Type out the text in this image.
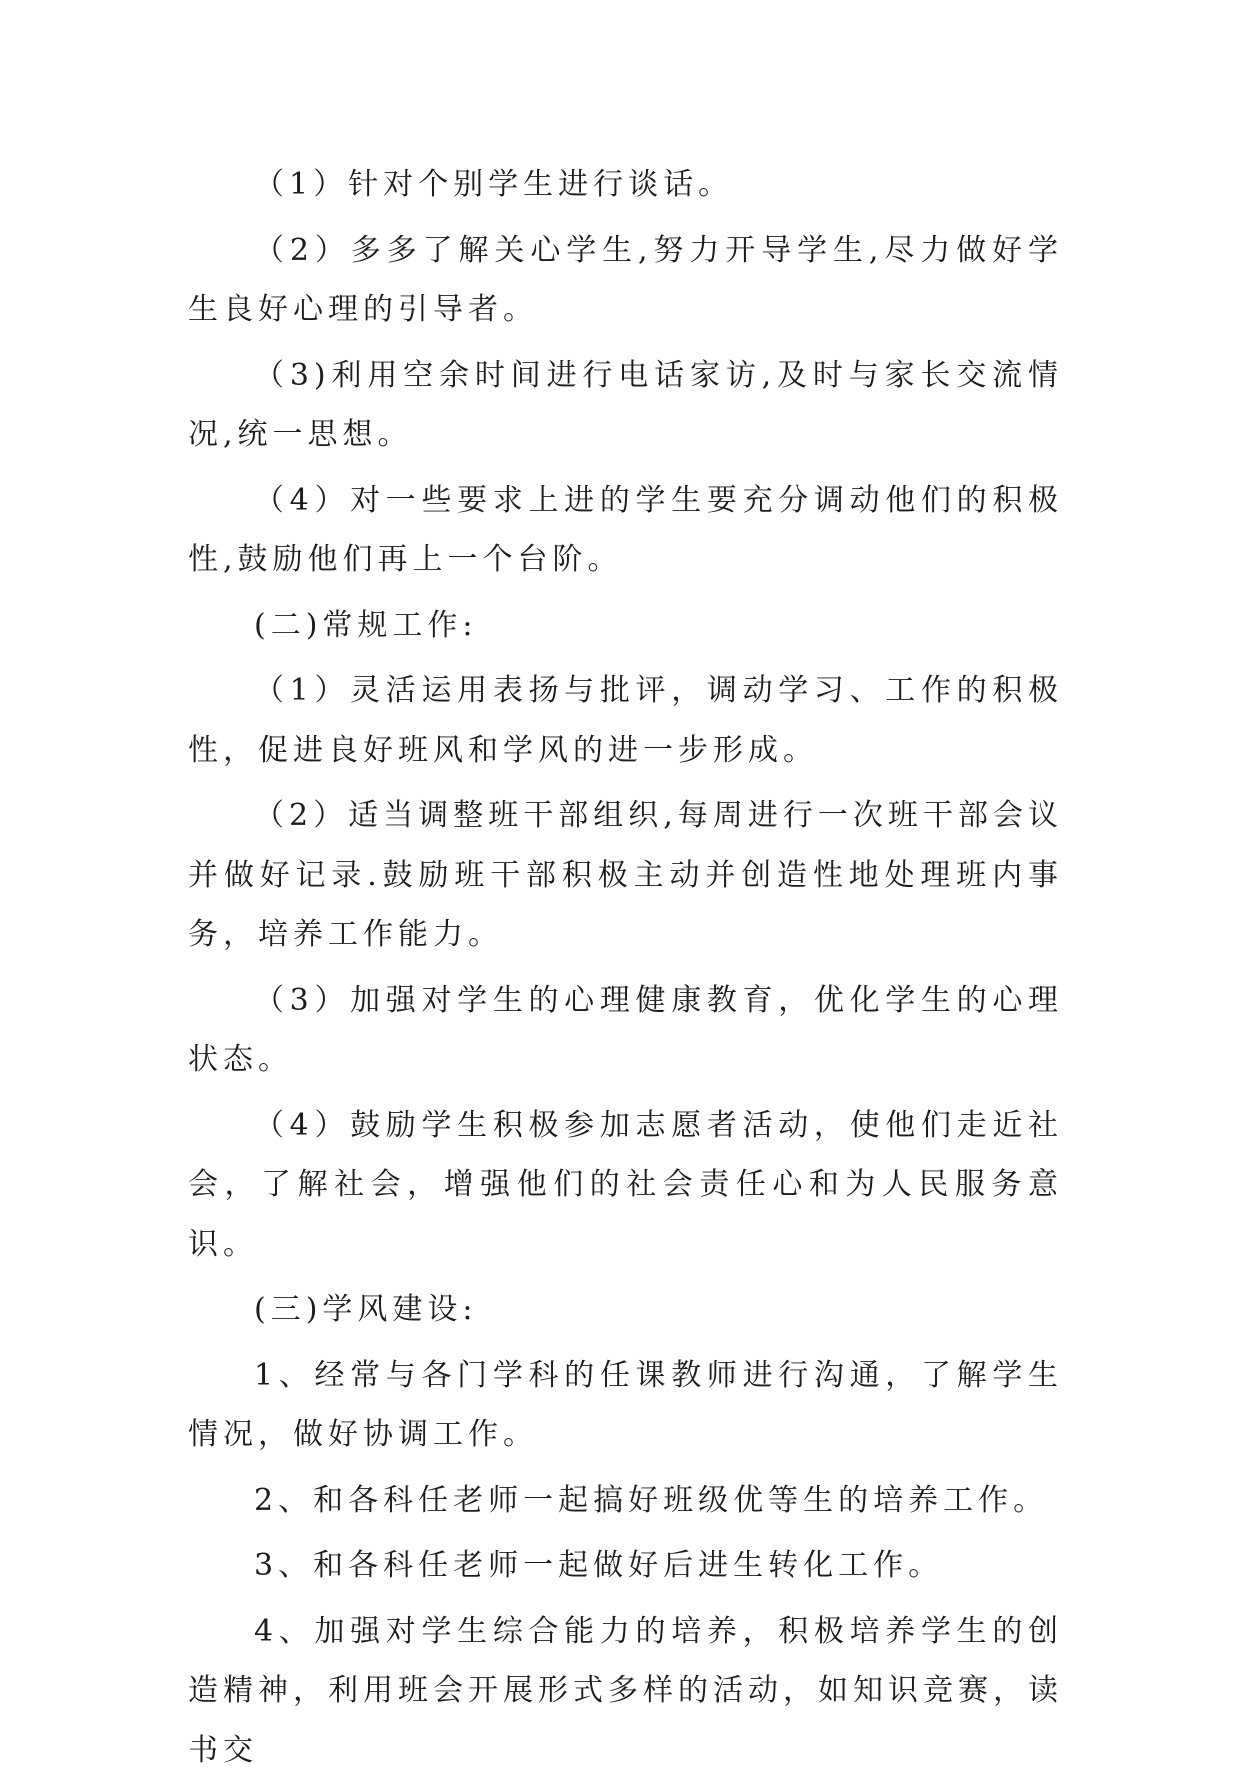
（1）针对个别学生进行谈话。

（2）多多了解关心学生,努力开导学生,尽力做好学生良好心理的引导者。

（3)利用空余时间进行电话家访,及时与家长交流情况,统一思想。

（4）对一些要求上进的学生要充分调动他们的积极性,鼓励他们再上一个台阶。

(二)常规工作:

（1）灵活运用表扬与批评，调动学习、工作的积极性，促进良好班风和学风的进一步形成。

（2）适当调整班干部组织,每周进行一次班干部会议并做好记录.鼓励班干部积极主动并创造性地处理班内事务，培养工作能力。

（3）加强对学生的心理健康教育，优化学生的心理状态。

（4）鼓励学生积极参加志愿者活动，使他们走近社会，了解社会，增强他们的社会责任心和为人民服务意识。

(三)学风建设:

1、经常与各门学科的任课教师进行沟通，了解学生情况，做好协调工作。

2、和各科任老师一起搞好班级优等生的培养工作。

3、和各科任老师一起做好后进生转化工作。

4、加强对学生综合能力的培养，积极培养学生的创造精神，利用班会开展形式多样的活动，如知识竞赛，读书交
